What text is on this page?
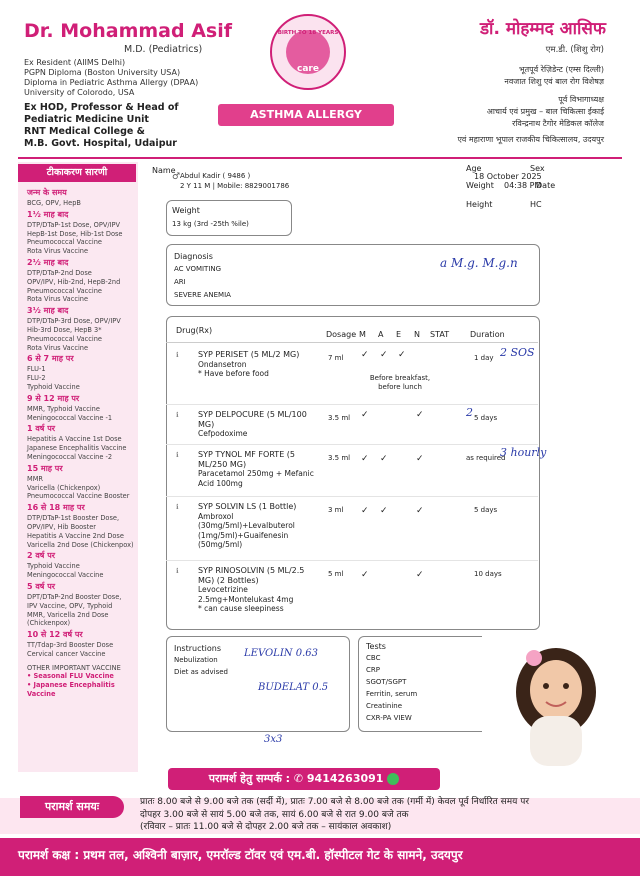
Dr. Mohammad Asif
M.D. (Pediatrics)
Ex Resident (AIIMS Delhi)
PGPN Diploma (Boston University USA)
Diploma in Pediatric Asthma Allergy (DPAA)
University of Colorodo, USA
Ex HOD, Professor & Head of
Pediatric Medicine Unit
RNT Medical College &
M.B. Govt. Hospital, Udaipur
BIRTH TO 18 YEARS
care
ASTHMA ALLERGY SPECIALIST
डॉ. मोहम्मद आसिफ
एम.डी. (शिशु रोग)
भूतपूर्व रेज़िडेन्ट (एम्स दिल्ली)
नवजात शिशु एवं बाल रोग विशेषज्ञ
पूर्व विभागाध्यक्ष
आचार्य एवं प्रमुख – बाल चिकित्सा ईकाई
रविन्द्रनाथ टैगोर मेडिकल कॉलेज
एवं महाराणा भूपाल राजकीय चिकित्सालय, उदयपुर
टीकाकरण सारणी
जन्म के समय
BCG, OPV, HepB
1½ माह बाद
DTP/DTaP-1st Dose, OPV/IPV
HepB-1st Dose, Hib-1st Dose
Pneumococcal Vaccine
Rota Virus Vaccine
2½ माह बाद
DTP/DTaP-2nd Dose
OPV/IPV, Hib-2nd, HepB-2nd
Pneumococcal Vaccine
Rota Virus Vaccine
3½ माह बाद
DTP/DTaP-3rd Dose, OPV/IPV
Hib-3rd Dose, HepB 3*
Pneumococcal Vaccine
Rota Virus Vaccine
6 से 7 माह पर
FLU-1
FLU-2
Typhoid Vaccine
9 से 12 माह पर
MMR, Typhoid Vaccine
Meningococcal Vaccine -1
1 वर्ष पर
Hepatitis A Vaccine 1st Dose
Japanese Encephalitis Vaccine
Meningococcal Vaccine -2
15 माह पर
MMR
Varicella (Chickenpox)
Pneumococcal Vaccine Booster
16 से 18 माह पर
DTP/DTaP-1st Booster Dose,
OPV/IPV, Hib Booster
Hepatitis A Vaccine 2nd Dose
Varicella 2nd Dose (Chickenpox)
2 वर्ष पर
Typhoid Vaccine
Meningococcal Vaccine
5 वर्ष पर
DPT/DTaP-2nd Booster Dose,
IPV Vaccine, OPV, Typhoid
MMR, Varicella 2nd Dose
(Chickenpox)
10 से 12 वर्ष पर
TT/Tdap-3rd Booster Dose
Cervical cancer Vaccine
OTHER IMPORTANT VACCINE
• Seasonal FLU Vaccine
• Japanese Encephalitis Vaccine
Name
♂ Abdul Kadir ( 9486 )
2 Y 11 M | Mobile: 8829001786
Age	Sex
18 October 2025
Weight 04:38 PM
Date
Height	HC
Weight
13 kg (3rd -25th %ile)
Diagnosis
AC VOMITING
ARI
SEVERE ANEMIA
a M.g. M.g.n
Drug(Rx)	Dosage M A E N STAT	Duration
ℹ SYP PERISET (5 ML/2 MG)
Ondansetron
* Have before food
7 ml ✓ ✓ ✓	1 day
Before breakfast,
before lunch
2 SOS
ℹ SYP DELPOCURE (5 ML/100 MG)
Cefpodoxime
3.5 ml ✓	✓	5 days
2
ℹ SYP TYNOL MF FORTE (5 ML/250 MG)
Paracetamol 250mg + Mefanic
Acid 100mg
3.5 ml ✓ ✓	✓	as required
3 hourly
ℹ SYP SOLVIN LS (1 Bottle)
Ambroxol
(30mg/5ml)+Levalbuterol
(1mg/5ml)+Guaifenesin
(50mg/5ml)
3 ml ✓ ✓	✓	5 days
ℹ SYP RINOSOLVIN (5 ML/2.5 MG) (2 Bottles)
Levocetrizine
2.5mg+Montelukast 4mg
* can cause sleepiness
5 ml ✓	✓	10 days
Instructions
Nebulization
Diet as advised
LEVOLIN 0.63
BUDELAT 0.5
3x3
Tests
CBC
CRP
SGOT/SGPT
Ferritin, serum
Creatinine
CXR-PA VIEW
परामर्श हेतु सम्पर्क : ✆ 9414263091
परामर्श समयः	प्रातः 8.00 बजे से 9.00 बजे तक (सर्दी में), प्रातः 7.00 बजे से 8.00 बजे तक (गर्मी में) केवल पूर्व निर्धारित समय पर
दोपहर 3.00 बजे से सायं 5.00 बजे तक, सायं 6.00 बजे से रात 9.00 बजे तक
(रविवार – प्रातः 11.00 बजे से दोपहर 2.00 बजे तक – सायंकाल अवकाश)
परामर्श कक्ष : प्रथम तल, अश्विनी बाज़ार, एमरॉल्ड टॉवर एवं एम.बी. हॉस्पीटल गेट के सामने, उदयपुर
